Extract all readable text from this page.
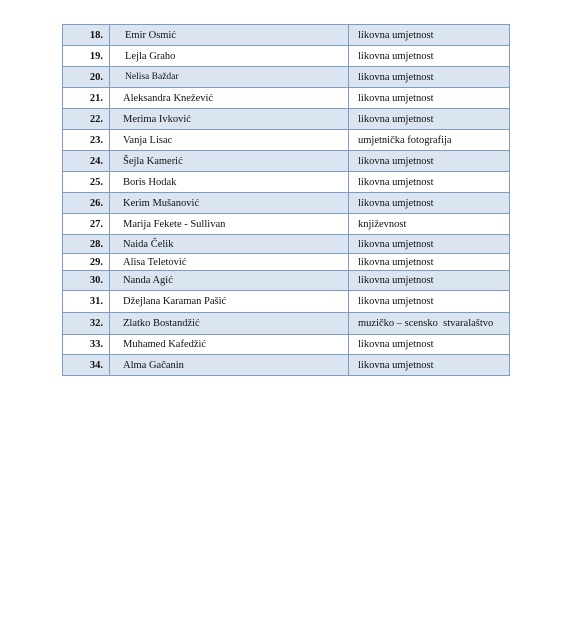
18.	Emir Osmić	likovna umjetnost
19.	Lejla Graho	likovna umjetnost
20.	Nelisa Baždar	likovna umjetnost
21.	Aleksandra Knežević	likovna umjetnost
22.	Merima Ivković	likovna umjetnost
23.	Vanja Lisac	umjetnička fotografija
24.	Šejla Kamerić	likovna umjetnost
25.	Boris Hodak	likovna umjetnost
26.	Kerim Mušanović	likovna umjetnost
27.	Marija Fekete - Sullivan	književnost
28.	Naida Čelik	likovna umjetnost
29.	Alisa Teletović	likovna umjetnost
30.	Nanda Agić	likovna umjetnost
31.	Džejlana Karaman Pašić	likovna umjetnost
32.	Zlatko Bostandžić	muzičko – scensko  stvaralaštvo
33.	Muhamed Kafedžić	likovna umjetnost
34.	Alma Gačanin	likovna umjetnost
